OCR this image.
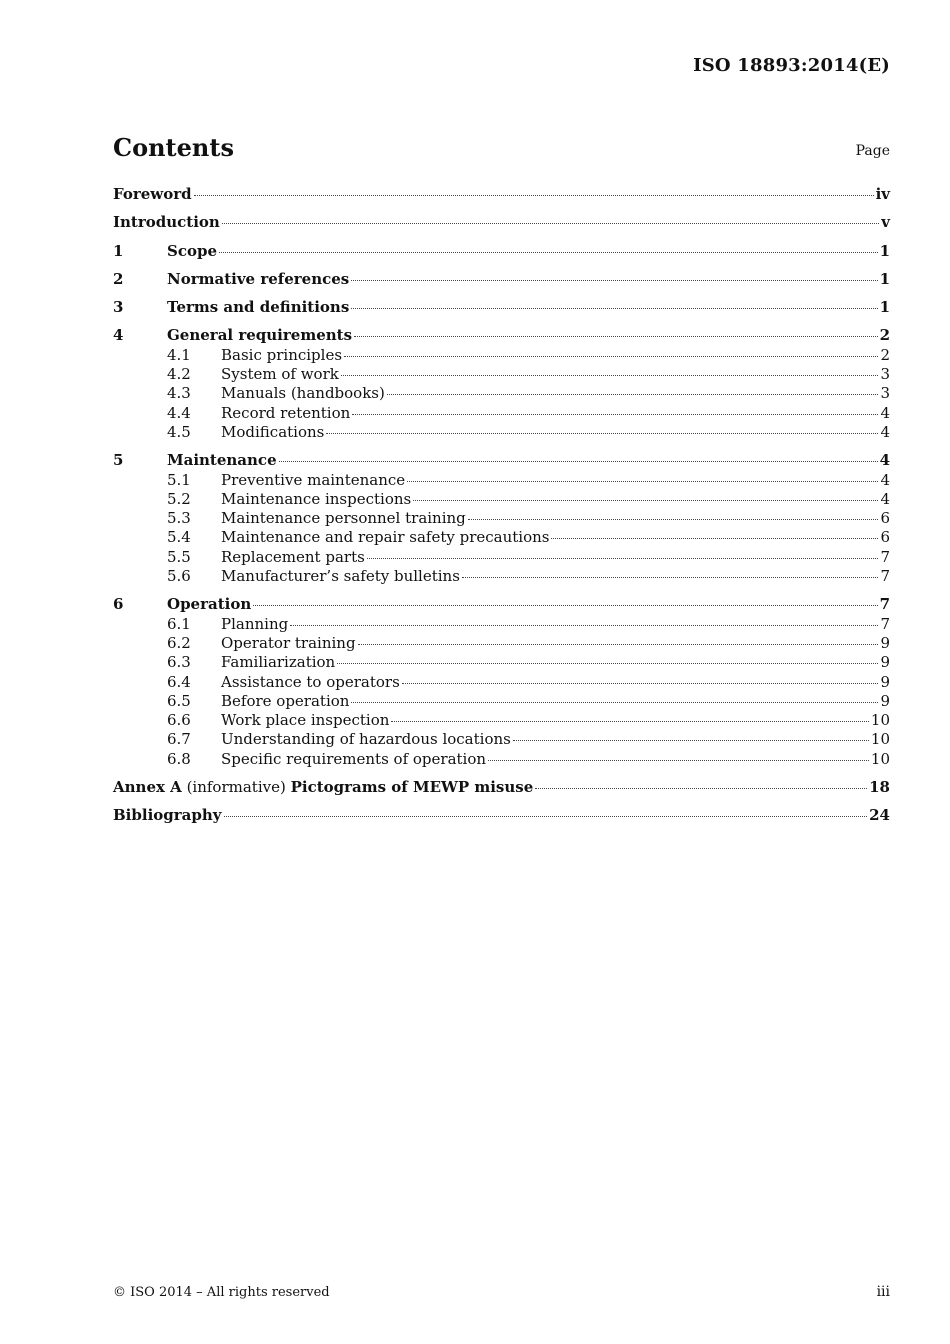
ISO 18893:2014(E)
Contents	Page
Foreword	iv
Introduction	v
1	Scope	1
2	Normative references	1
3	Terms and definitions	1
4	General requirements	2
4.1	Basic principles	2
4.2	System of work	3
4.3	Manuals (handbooks)	3
4.4	Record retention	4
4.5	Modifications	4
5	Maintenance	4
5.1	Preventive maintenance	4
5.2	Maintenance inspections	4
5.3	Maintenance personnel training	6
5.4	Maintenance and repair safety precautions	6
5.5	Replacement parts	7
5.6	Manufacturer’s safety bulletins	7
6	Operation	7
6.1	Planning	7
6.2	Operator training	9
6.3	Familiarization	9
6.4	Assistance to operators	9
6.5	Before operation	9
6.6	Work place inspection	10
6.7	Understanding of hazardous locations	10
6.8	Specific requirements of operation	10
Annex A (informative) Pictograms of MEWP misuse	18
Bibliography	24
© ISO 2014 – All rights reserved	iii
